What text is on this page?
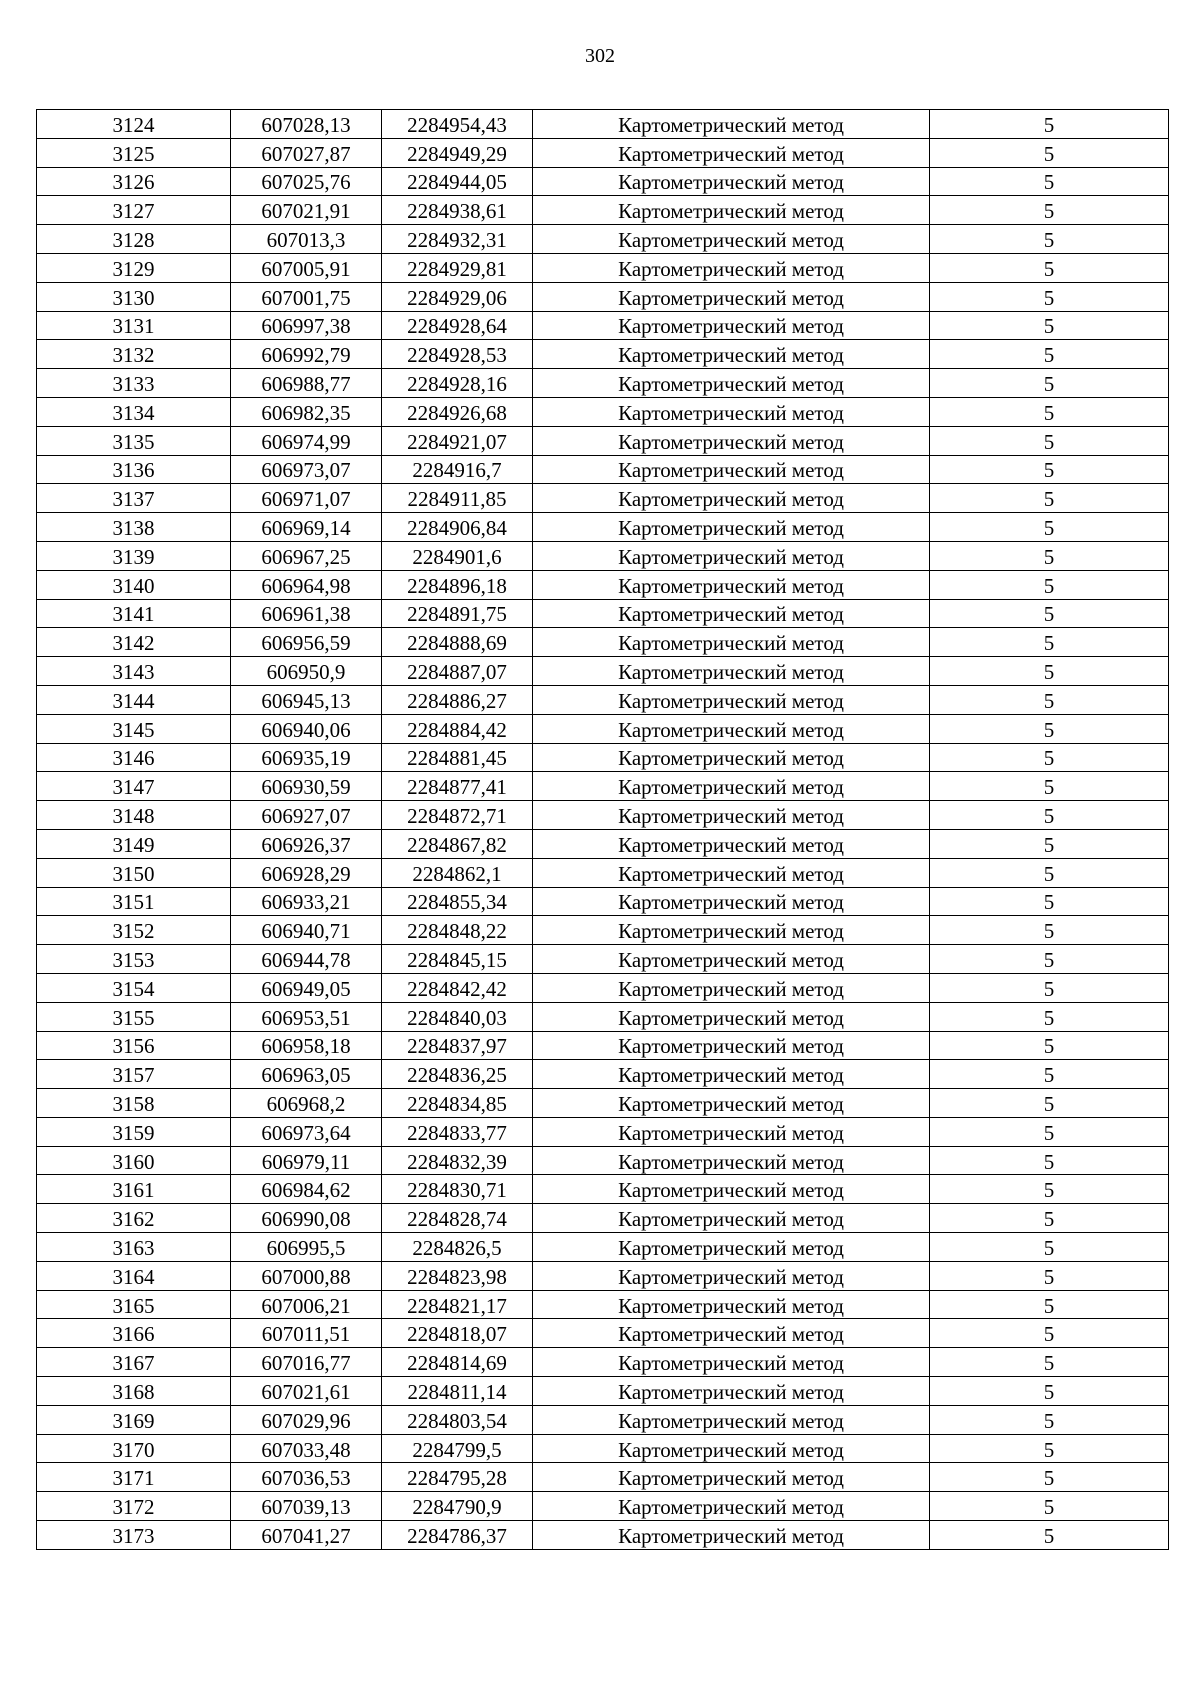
302
3124	607028,13	2284954,43	Картометрический метод	5
3125	607027,87	2284949,29	Картометрический метод	5
3126	607025,76	2284944,05	Картометрический метод	5
3127	607021,91	2284938,61	Картометрический метод	5
3128	607013,3	2284932,31	Картометрический метод	5
3129	607005,91	2284929,81	Картометрический метод	5
3130	607001,75	2284929,06	Картометрический метод	5
3131	606997,38	2284928,64	Картометрический метод	5
3132	606992,79	2284928,53	Картометрический метод	5
3133	606988,77	2284928,16	Картометрический метод	5
3134	606982,35	2284926,68	Картометрический метод	5
3135	606974,99	2284921,07	Картометрический метод	5
3136	606973,07	2284916,7	Картометрический метод	5
3137	606971,07	2284911,85	Картометрический метод	5
3138	606969,14	2284906,84	Картометрический метод	5
3139	606967,25	2284901,6	Картометрический метод	5
3140	606964,98	2284896,18	Картометрический метод	5
3141	606961,38	2284891,75	Картометрический метод	5
3142	606956,59	2284888,69	Картометрический метод	5
3143	606950,9	2284887,07	Картометрический метод	5
3144	606945,13	2284886,27	Картометрический метод	5
3145	606940,06	2284884,42	Картометрический метод	5
3146	606935,19	2284881,45	Картометрический метод	5
3147	606930,59	2284877,41	Картометрический метод	5
3148	606927,07	2284872,71	Картометрический метод	5
3149	606926,37	2284867,82	Картометрический метод	5
3150	606928,29	2284862,1	Картометрический метод	5
3151	606933,21	2284855,34	Картометрический метод	5
3152	606940,71	2284848,22	Картометрический метод	5
3153	606944,78	2284845,15	Картометрический метод	5
3154	606949,05	2284842,42	Картометрический метод	5
3155	606953,51	2284840,03	Картометрический метод	5
3156	606958,18	2284837,97	Картометрический метод	5
3157	606963,05	2284836,25	Картометрический метод	5
3158	606968,2	2284834,85	Картометрический метод	5
3159	606973,64	2284833,77	Картометрический метод	5
3160	606979,11	2284832,39	Картометрический метод	5
3161	606984,62	2284830,71	Картометрический метод	5
3162	606990,08	2284828,74	Картометрический метод	5
3163	606995,5	2284826,5	Картометрический метод	5
3164	607000,88	2284823,98	Картометрический метод	5
3165	607006,21	2284821,17	Картометрический метод	5
3166	607011,51	2284818,07	Картометрический метод	5
3167	607016,77	2284814,69	Картометрический метод	5
3168	607021,61	2284811,14	Картометрический метод	5
3169	607029,96	2284803,54	Картометрический метод	5
3170	607033,48	2284799,5	Картометрический метод	5
3171	607036,53	2284795,28	Картометрический метод	5
3172	607039,13	2284790,9	Картометрический метод	5
3173	607041,27	2284786,37	Картометрический метод	5
